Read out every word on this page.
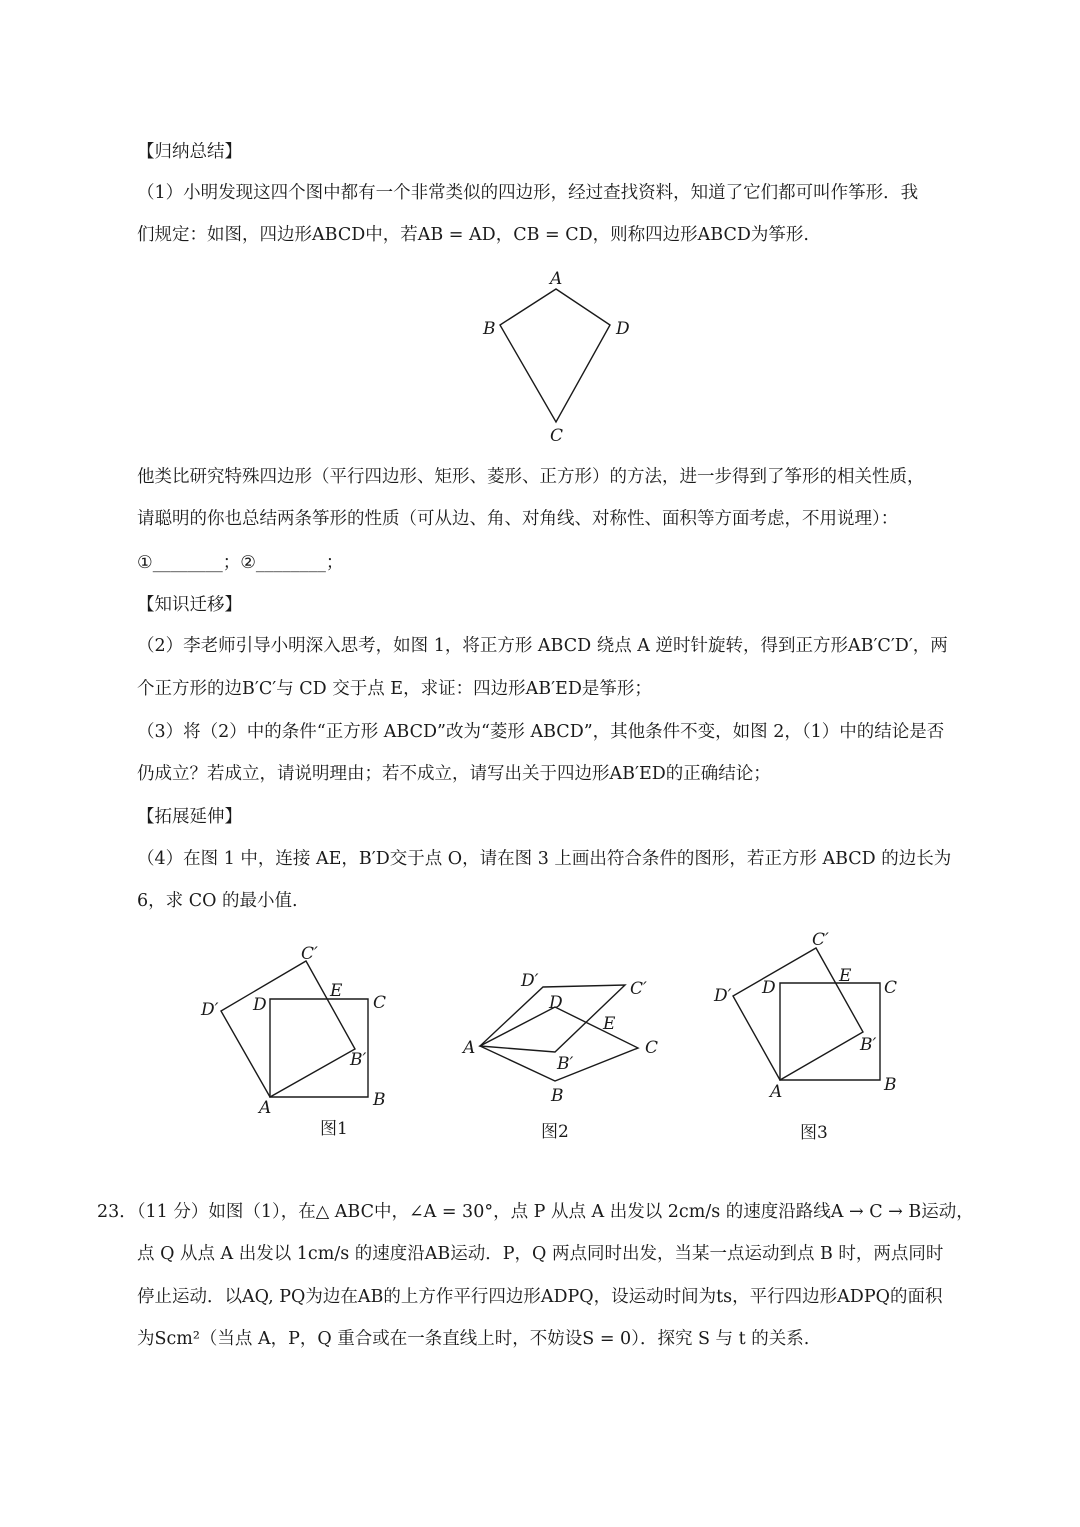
【归纳总结】
（1）小明发现这四个图中都有一个非常类似的四边形，经过查找资料，知道了它们都可叫作筝形．我
们规定：如图，四边形ABCD中，若AB = AD，CB = CD，则称四边形ABCD为筝形.
A
B
C
D
他类比研究特殊四边形（平行四边形、矩形、菱形、正方形）的方法，进一步得到了筝形的相关性质，
请聪明的你也总结两条筝形的性质（可从边、角、对角线、对称性、面积等方面考虑，不用说理）：
①________；②________；
【知识迁移】
（2）李老师引导小明深入思考，如图 1，将正方形 ABCD 绕点 A 逆时针旋转，得到正方形AB′C′D′，两
个正方形的边B′C′与 CD 交于点 E，求证：四边形AB′ED是筝形；
（3）将（2）中的条件“正方形 ABCD”改为“菱形 ABCD”，其他条件不变，如图 2，（1）中的结论是否
仍成立？若成立，请说明理由；若不成立，请写出关于四边形AB′ED的正确结论；
【拓展延伸】
（4）在图 1 中，连接 AE，B′D交于点 O，请在图 3 上画出符合条件的图形，若正方形 ABCD 的边长为
6，求 CO 的最小值.
C′
D′ D
E
C
B′
A	B
图1
D′
D
C′
E
A
B′
C
B
图2
C′
D′ D
E
C
B′
A	B
图3
23．（11 分）如图（1），在△ ABC中，∠A = 30°，点 P 从点 A 出发以 2cm/s 的速度沿路线A → C → B运动，
点 Q 从点 A 出发以 1cm/s 的速度沿AB运动．P，Q 两点同时出发，当某一点运动到点 B 时，两点同时
停止运动．以AQ, PQ为边在AB的上方作平行四边形ADPQ，设运动时间为ts，平行四边形ADPQ的面积
为Scm²（当点 A，P，Q 重合或在一条直线上时，不妨设S = 0）．探究 S 与 t 的关系.
